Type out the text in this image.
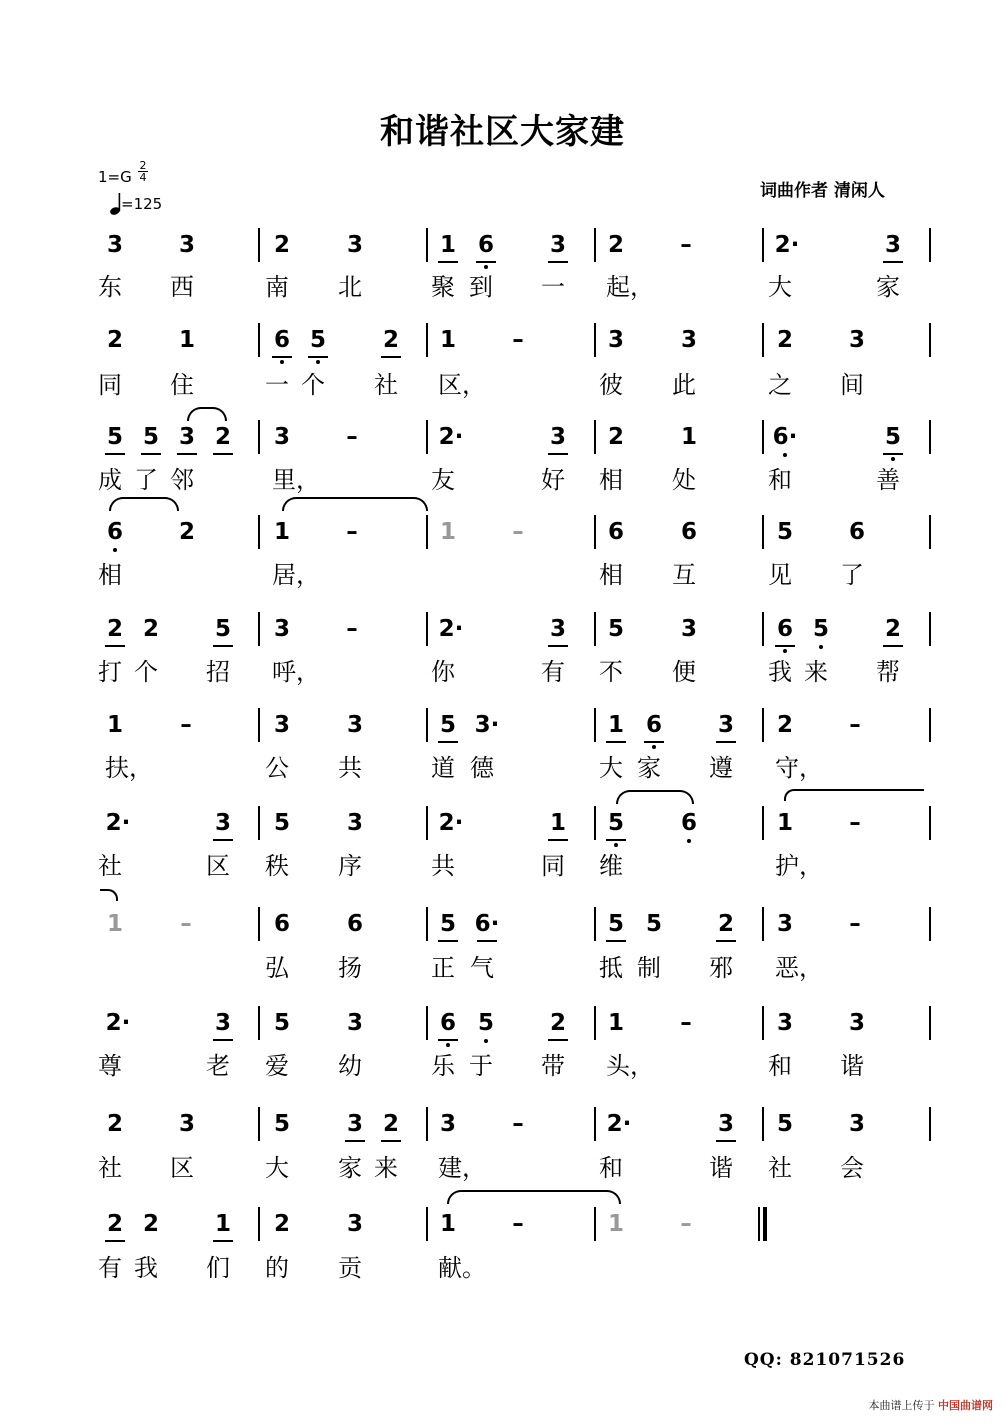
和谐社区大家建
1=G
2
4
=125
词曲作者 清闲人
3 3	2 3	1 6 3 2	–	2·	3
东	西	南	北	聚 到	一	起，	大	家
2 1	6 5 2 1	–	3 3	2 3
同	住	一 个	社	区，	彼	此	之	间
5 5 3 2 3	–	2·	3 2 1	6·	5
成 了 邻	里，	友	好	相	处	和	善
6 2	1	–	1	–	6 6	5 6
相	居，	相	互	见	了
2 2 5 3	–	2·	3 5 3	6 5 2
打 个	招	呼，	你	有	不	便	我 来	帮
1	–	3 3	5 3·	1 6 3 2	–
扶，	公	共	道 德	大 家	遵	守，
2·	3 5 3	2·	1 5 6	1	–
社	区	秩	序	共	同	维	护，
1	–	6 6	5 6·	5 5 2 3	–
弘	扬	正 气	抵 制	邪	恶，
2·	3 5 3	6 5 2 1	–	3 3
尊	老	爱	幼	乐 于	带	头，	和	谐
2 3	5 3 2 3	–	2·	3 5 3
社	区	大	家 来	建，	和	谐	社	会
2 2 1 2 3	1	–	1	–
有 我	们	的	贡	献。
QQ: 821071526
本曲谱上传于 中国曲谱网
